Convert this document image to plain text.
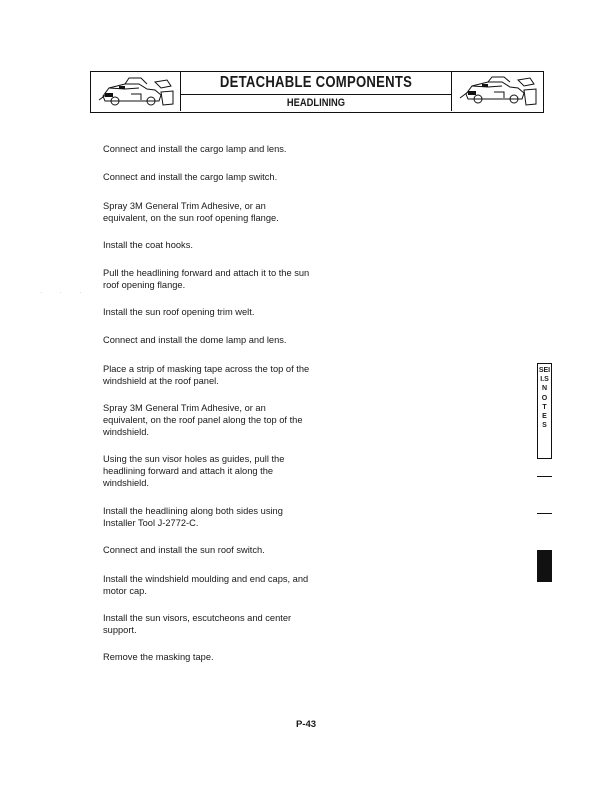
DETACHABLE COMPONENTS
HEADLINING

Connect and install the cargo lamp and lens.

Connect and install the cargo lamp switch.

Spray 3M General Trim Adhesive, or an equivalent, on the sun roof opening flange.

Install the coat hooks.

Pull the headlining forward and attach it to the sun roof opening flange.

Install the sun roof opening trim welt.

Connect and install the dome lamp and lens.

Place a strip of masking tape across the top of the windshield at the roof panel.

Spray 3M General Trim Adhesive, or an equivalent, on the roof panel along the top of the windshield.

Using the sun visor holes as guides, pull the headlining forward and attach it along the windshield.

Install the headlining along both sides using Installer Tool J-2772-C.

Connect and install the sun roof switch.

Install the windshield moulding and end caps, and motor cap.

Install the sun visors, escutcheons and center support.

Remove the masking tape.

· · ·
SEI
I.S
N
O
T
E
S
P-43
